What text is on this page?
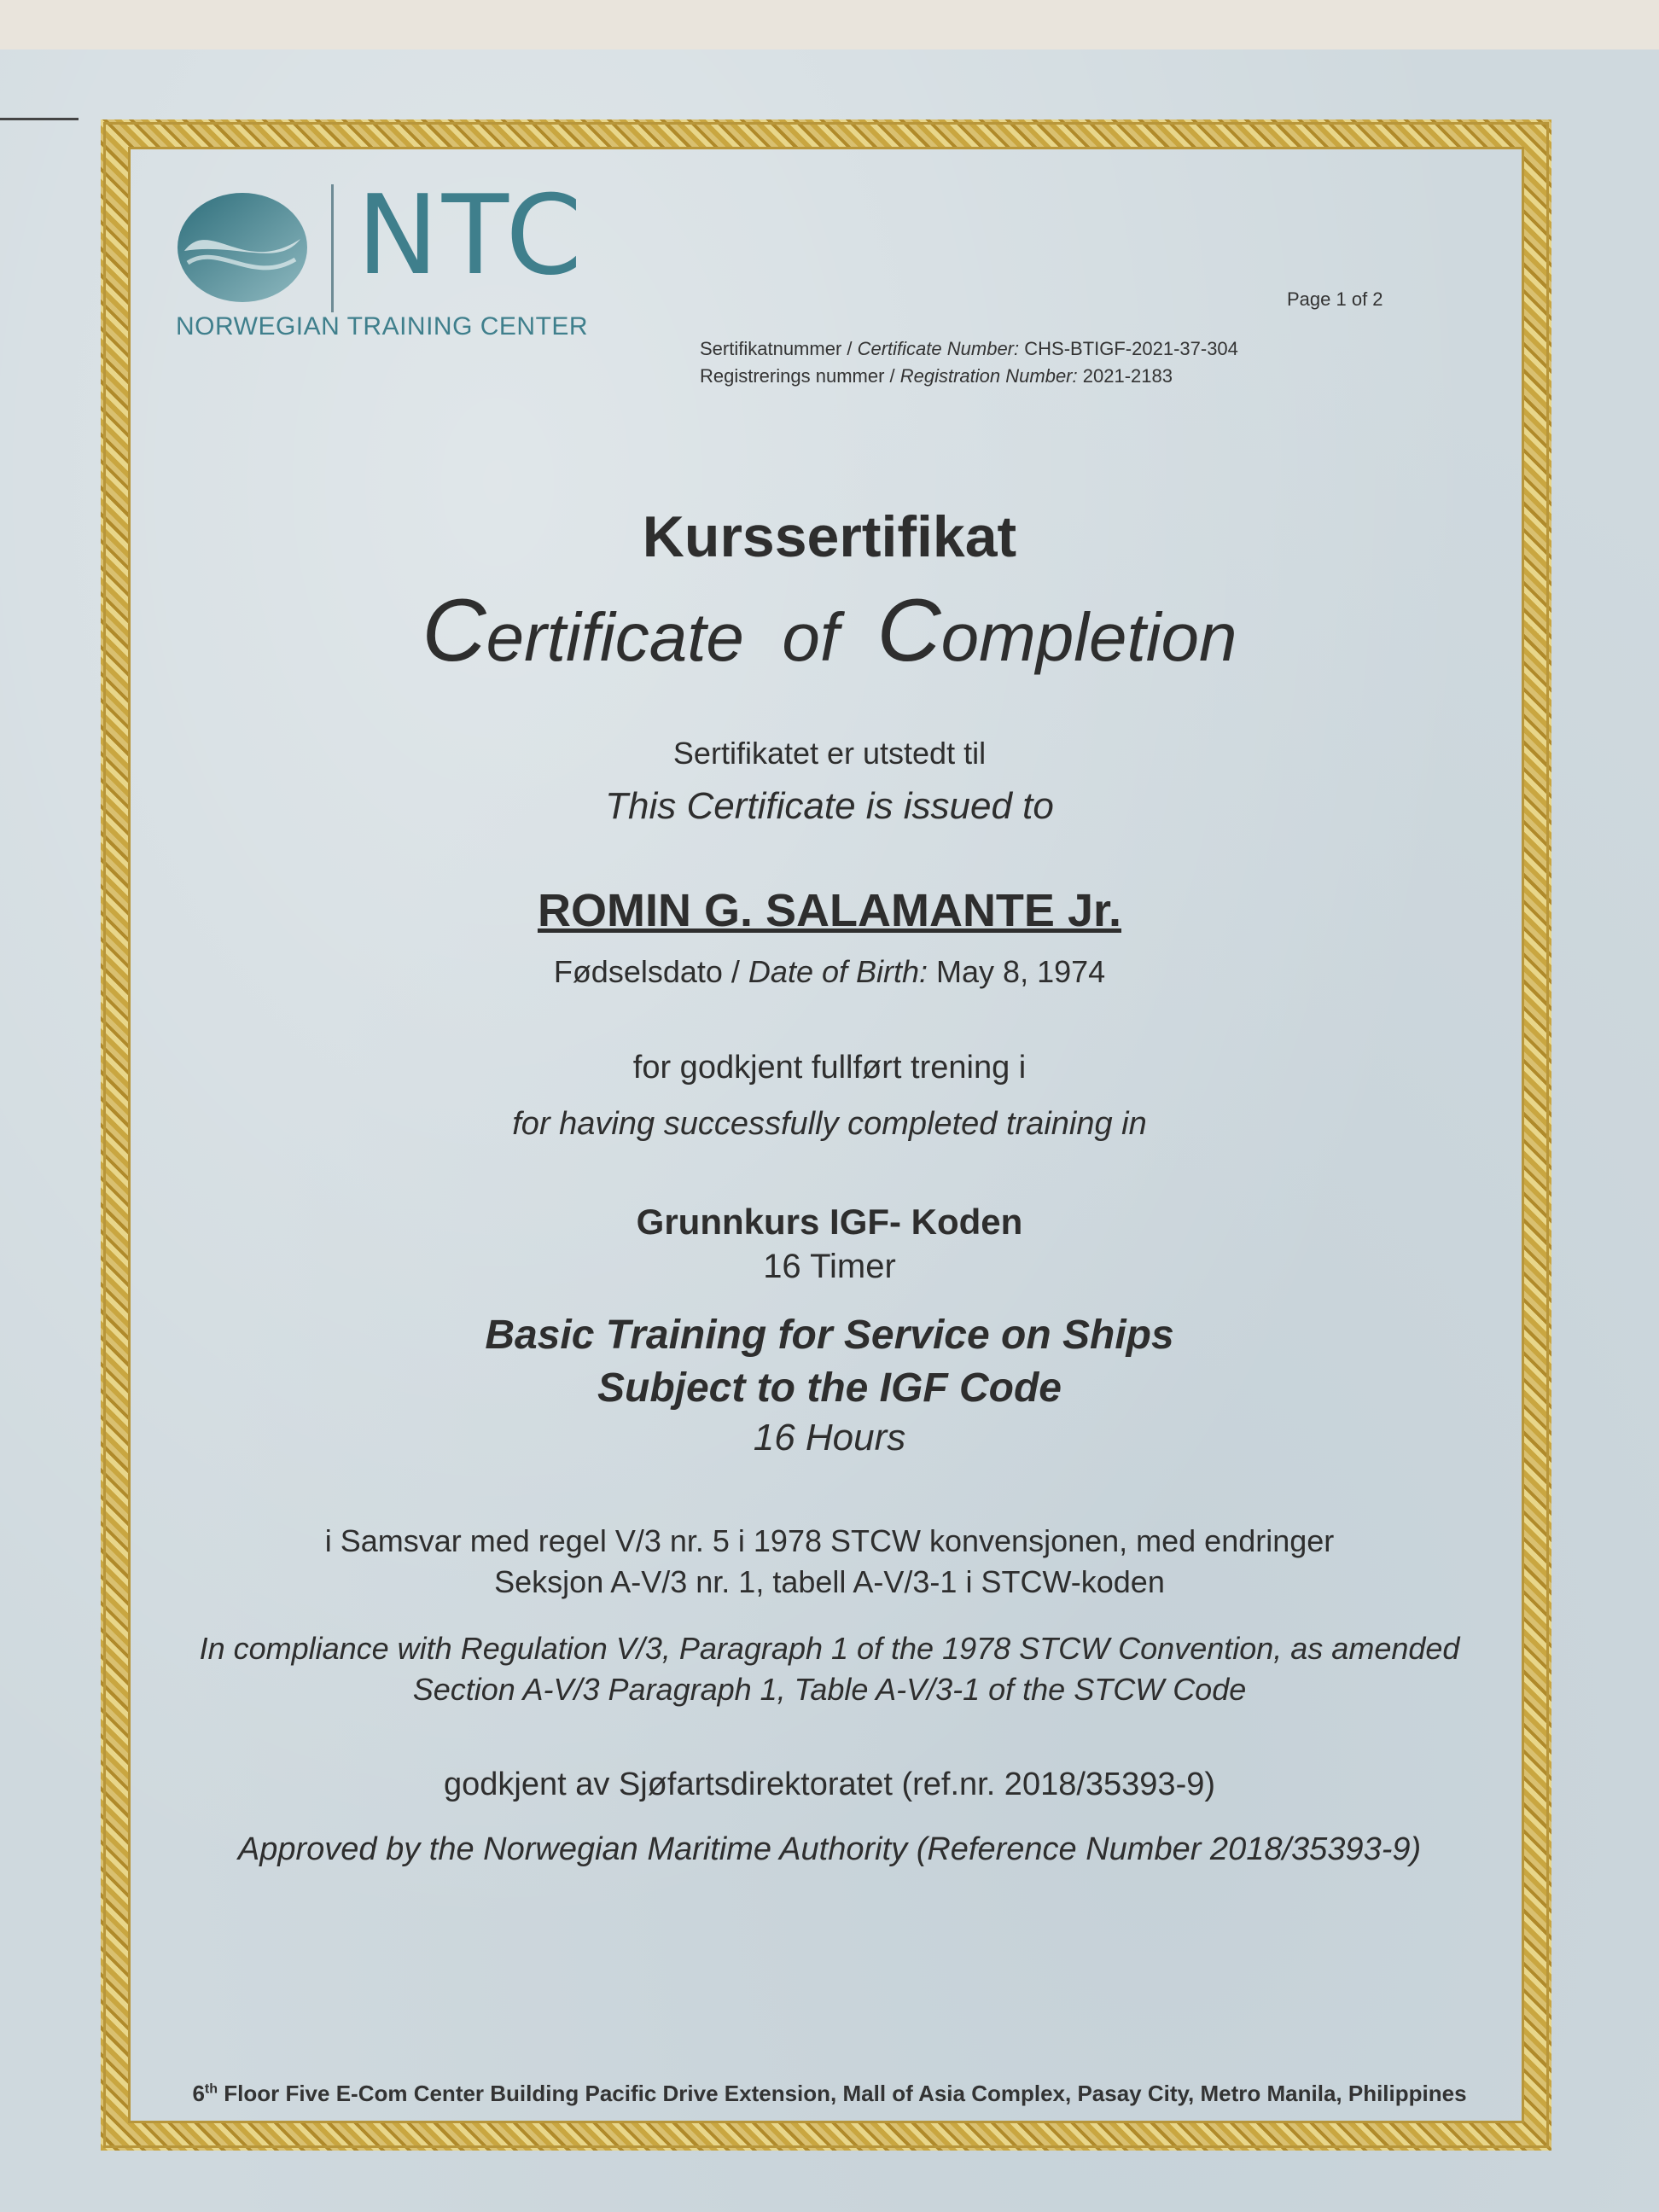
NTC
NORWEGIAN TRAINING CENTER
Page 1 of 2
Sertifikatnummer / Certificate Number: CHS-BTIGF-2021-37-304
Registrerings nummer / Registration Number: 2021-2183
Kurssertifikat
Certificate of Completion
Sertifikatet er utstedt til
This Certificate is issued to
ROMIN G. SALAMANTE Jr.
Fødselsdato / Date of Birth: May 8, 1974
for godkjent fullført trening i
for having successfully completed training in
Grunnkurs IGF- Koden
16 Timer
Basic Training for Service on Ships
Subject to the IGF Code
16 Hours
i Samsvar med regel V/3 nr. 5 i 1978 STCW konvensjonen, med endringer
Seksjon A-V/3 nr. 1, tabell A-V/3-1 i STCW-koden
In compliance with Regulation V/3, Paragraph 1 of the 1978 STCW Convention, as amended
Section A-V/3 Paragraph 1, Table A-V/3-1 of the STCW Code
godkjent av Sjøfartsdirektoratet (ref.nr. 2018/35393-9)
Approved by the Norwegian Maritime Authority (Reference Number 2018/35393-9)
6th Floor Five E-Com Center Building Pacific Drive Extension, Mall of Asia Complex, Pasay City, Metro Manila, Philippines
